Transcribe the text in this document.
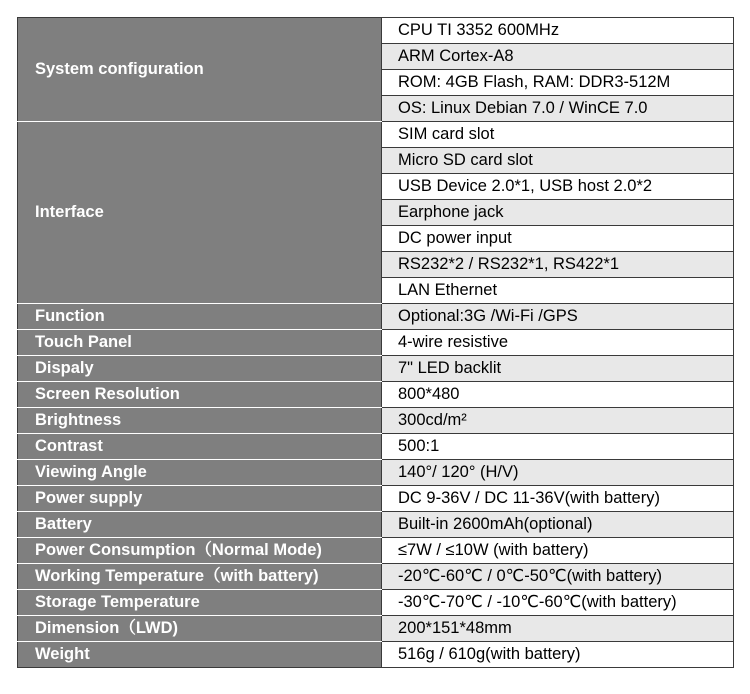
System configuration	CPU TI 3352 600MHz
	ARM Cortex-A8
	ROM: 4GB Flash, RAM: DDR3-512M
	OS: Linux Debian 7.0 / WinCE 7.0
Interface	SIM card slot
	Micro SD card slot
	USB Device 2.0*1, USB host 2.0*2
	Earphone jack
	DC power input
	RS232*2 / RS232*1, RS422*1
	LAN Ethernet
Function	Optional:3G /Wi-Fi /GPS
Touch Panel	4-wire resistive
Dispaly	7" LED backlit
Screen Resolution	800*480
Brightness	300cd/m²
Contrast	500:1
Viewing Angle	140°/ 120° (H/V)
Power supply	DC 9-36V / DC 11-36V(with battery)
Battery	Built-in 2600mAh(optional)
Power Consumption（Normal Mode)	≤7W / ≤10W (with battery)
Working Temperature（with battery)	-20℃-60℃ / 0℃-50℃(with battery)
Storage Temperature	-30℃-70℃ / -10℃-60℃(with battery)
Dimension（LWD)	200*151*48mm
Weight	516g / 610g(with battery)
